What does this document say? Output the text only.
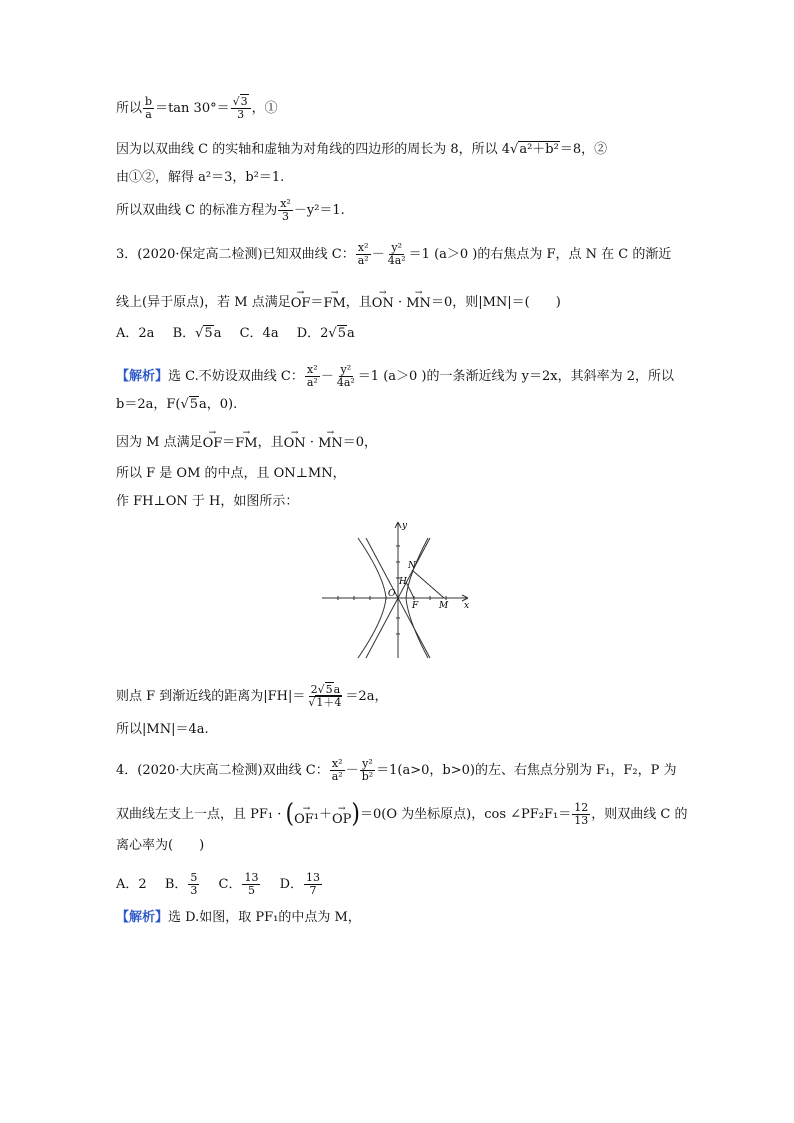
所以 $\frac{b}{a} =\tan$ $30^\circ= \frac{√3}{3}$ ，①
因为以双曲线 C 的实轴和虚轴为对角线的四边形的周长为 8，所以 4√a²＋b²＝8，②
由①②，解得 a²＝3，b²＝1.
所以双曲线 C 的标准方程为 $\frac{\text{x²}}{3} -y^2=1$.
3．(2020·保定高二检测)已知双曲线 C： $\frac{\text{x²}}{\text{a²}} - \frac{\text{y²}}{\text{4a²}} =1$ (a＞0 )的右焦点为 F，点 N 在 C 的渐近
线上(异于原点)，若 M 点满足
→
OF ＝
→
FM ，且
→
ON ·
→
MN ＝0，则|MN|＝(　　)
A．2a B．√5a C．4a D．2√5a
【解析】选 C.不妨设双曲线 C： $\frac{\text{x²}}{\text{a²}} - \frac{\text{y²}}{\text{4a²}} =1$ (a＞0 )的一条渐近线为 y＝2x，其斜率为 2，所以
b＝2a，F(√5a，0).
因为 M 点满足
→
OF ＝
→
FM ，且
→
ON ·
→
MN ＝0，
所以 F 是 OM 的中点，且 ON⊥MN，
作 FH⊥ON 于 H，如图所示：
y
x
O
N
H
F M
则点 F 到渐近线的距离为$|FH|= \frac{2√5a}{√1+4} =2a$，
所以|MN|＝4a.
4．(2020·大庆高二检测)双曲线 C： $\frac{\text{x²}}{\text{a²}} - \frac{\text{y²}}{\text{b²}} =1(a>0$，b>0)的左、右焦点分别为 F₁，F₂，P 为
双曲线左支上一点，且 PF₁ · ( →
OF¹ ＋ →
OP )＝0(O 为坐标原点)，cos ∠PF₂F₁＝ $\frac{12}{13}$ ，则双曲线 C 的
离心率为(　　)
A．2 B． $\frac{5}{3}$ C． $\frac{13}{5}$ D． $\frac{13}{7}$
【解析】选 D.如图，取 PF₁的中点为 M，
